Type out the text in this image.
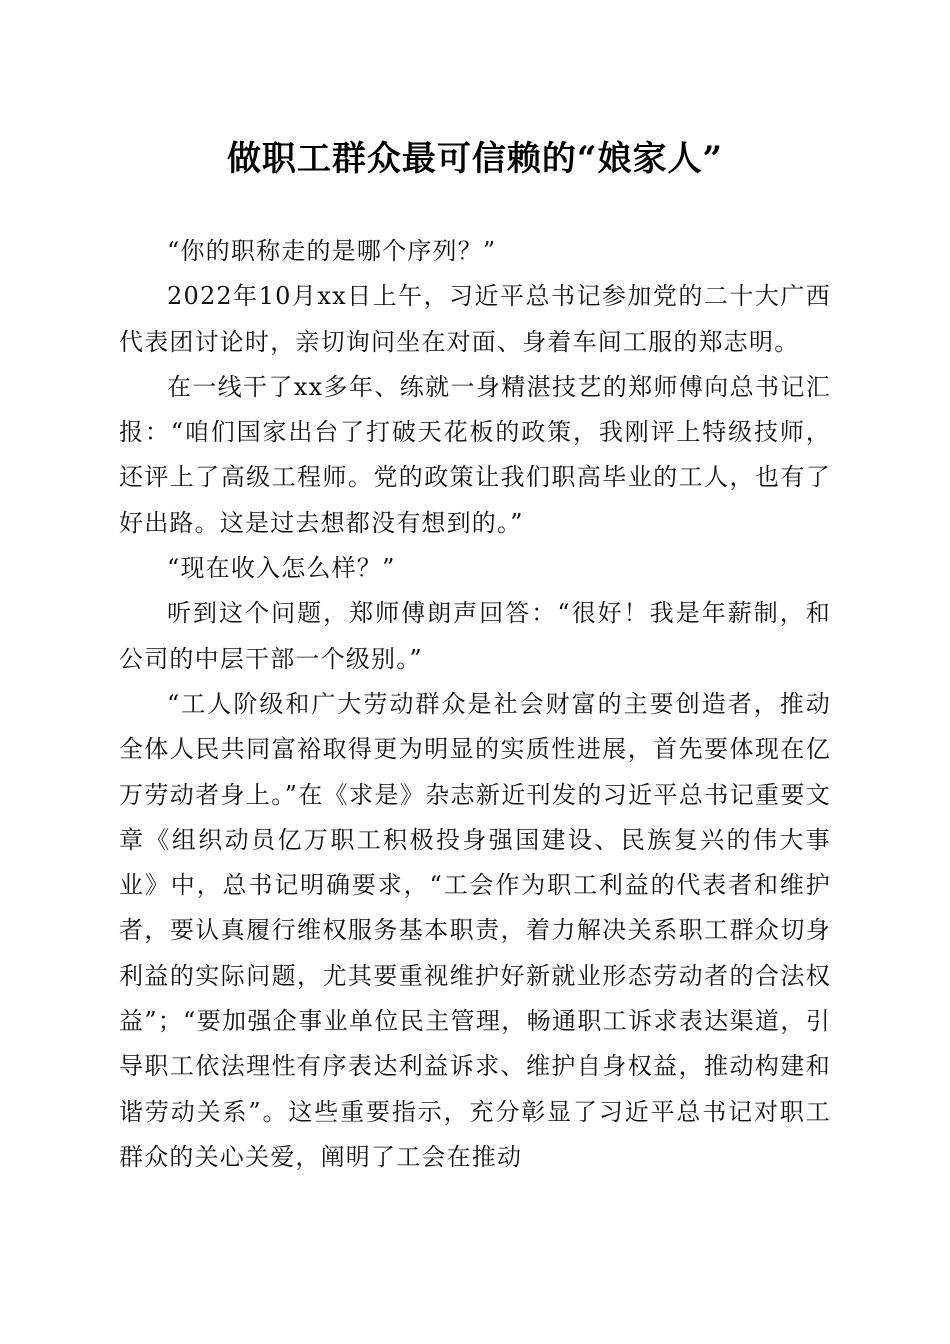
做职工群众最可信赖的“娘家人”

“你的职称走的是哪个序列？”

2022年10月xx日上午，习近平总书记参加党的二十大广西代表团讨论时，亲切询问坐在对面、身着车间工服的郑志明。

在一线干了xx多年、练就一身精湛技艺的郑师傅向总书记汇报：“咱们国家出台了打破天花板的政策，我刚评上特级技师，还评上了高级工程师。党的政策让我们职高毕业的工人，也有了好出路。这是过去想都没有想到的。”

“现在收入怎么样？”

听到这个问题，郑师傅朗声回答：“很好！我是年薪制，和公司的中层干部一个级别。”

“工人阶级和广大劳动群众是社会财富的主要创造者，推动全体人民共同富裕取得更为明显的实质性进展，首先要体现在亿万劳动者身上。”在《求是》杂志新近刊发的习近平总书记重要文章《组织动员亿万职工积极投身强国建设、民族复兴的伟大事业》中，总书记明确要求，“工会作为职工利益的代表者和维护者，要认真履行维权服务基本职责，着力解决关系职工群众切身利益的实际问题，尤其要重视维护好新就业形态劳动者的合法权益”；“要加强企事业单位民主管理，畅通职工诉求表达渠道，引导职工依法理性有序表达利益诉求、维护自身权益，推动构建和谐劳动关系”。这些重要指示，充分彰显了习近平总书记对职工群众的关心关爱，阐明了工会在推动
